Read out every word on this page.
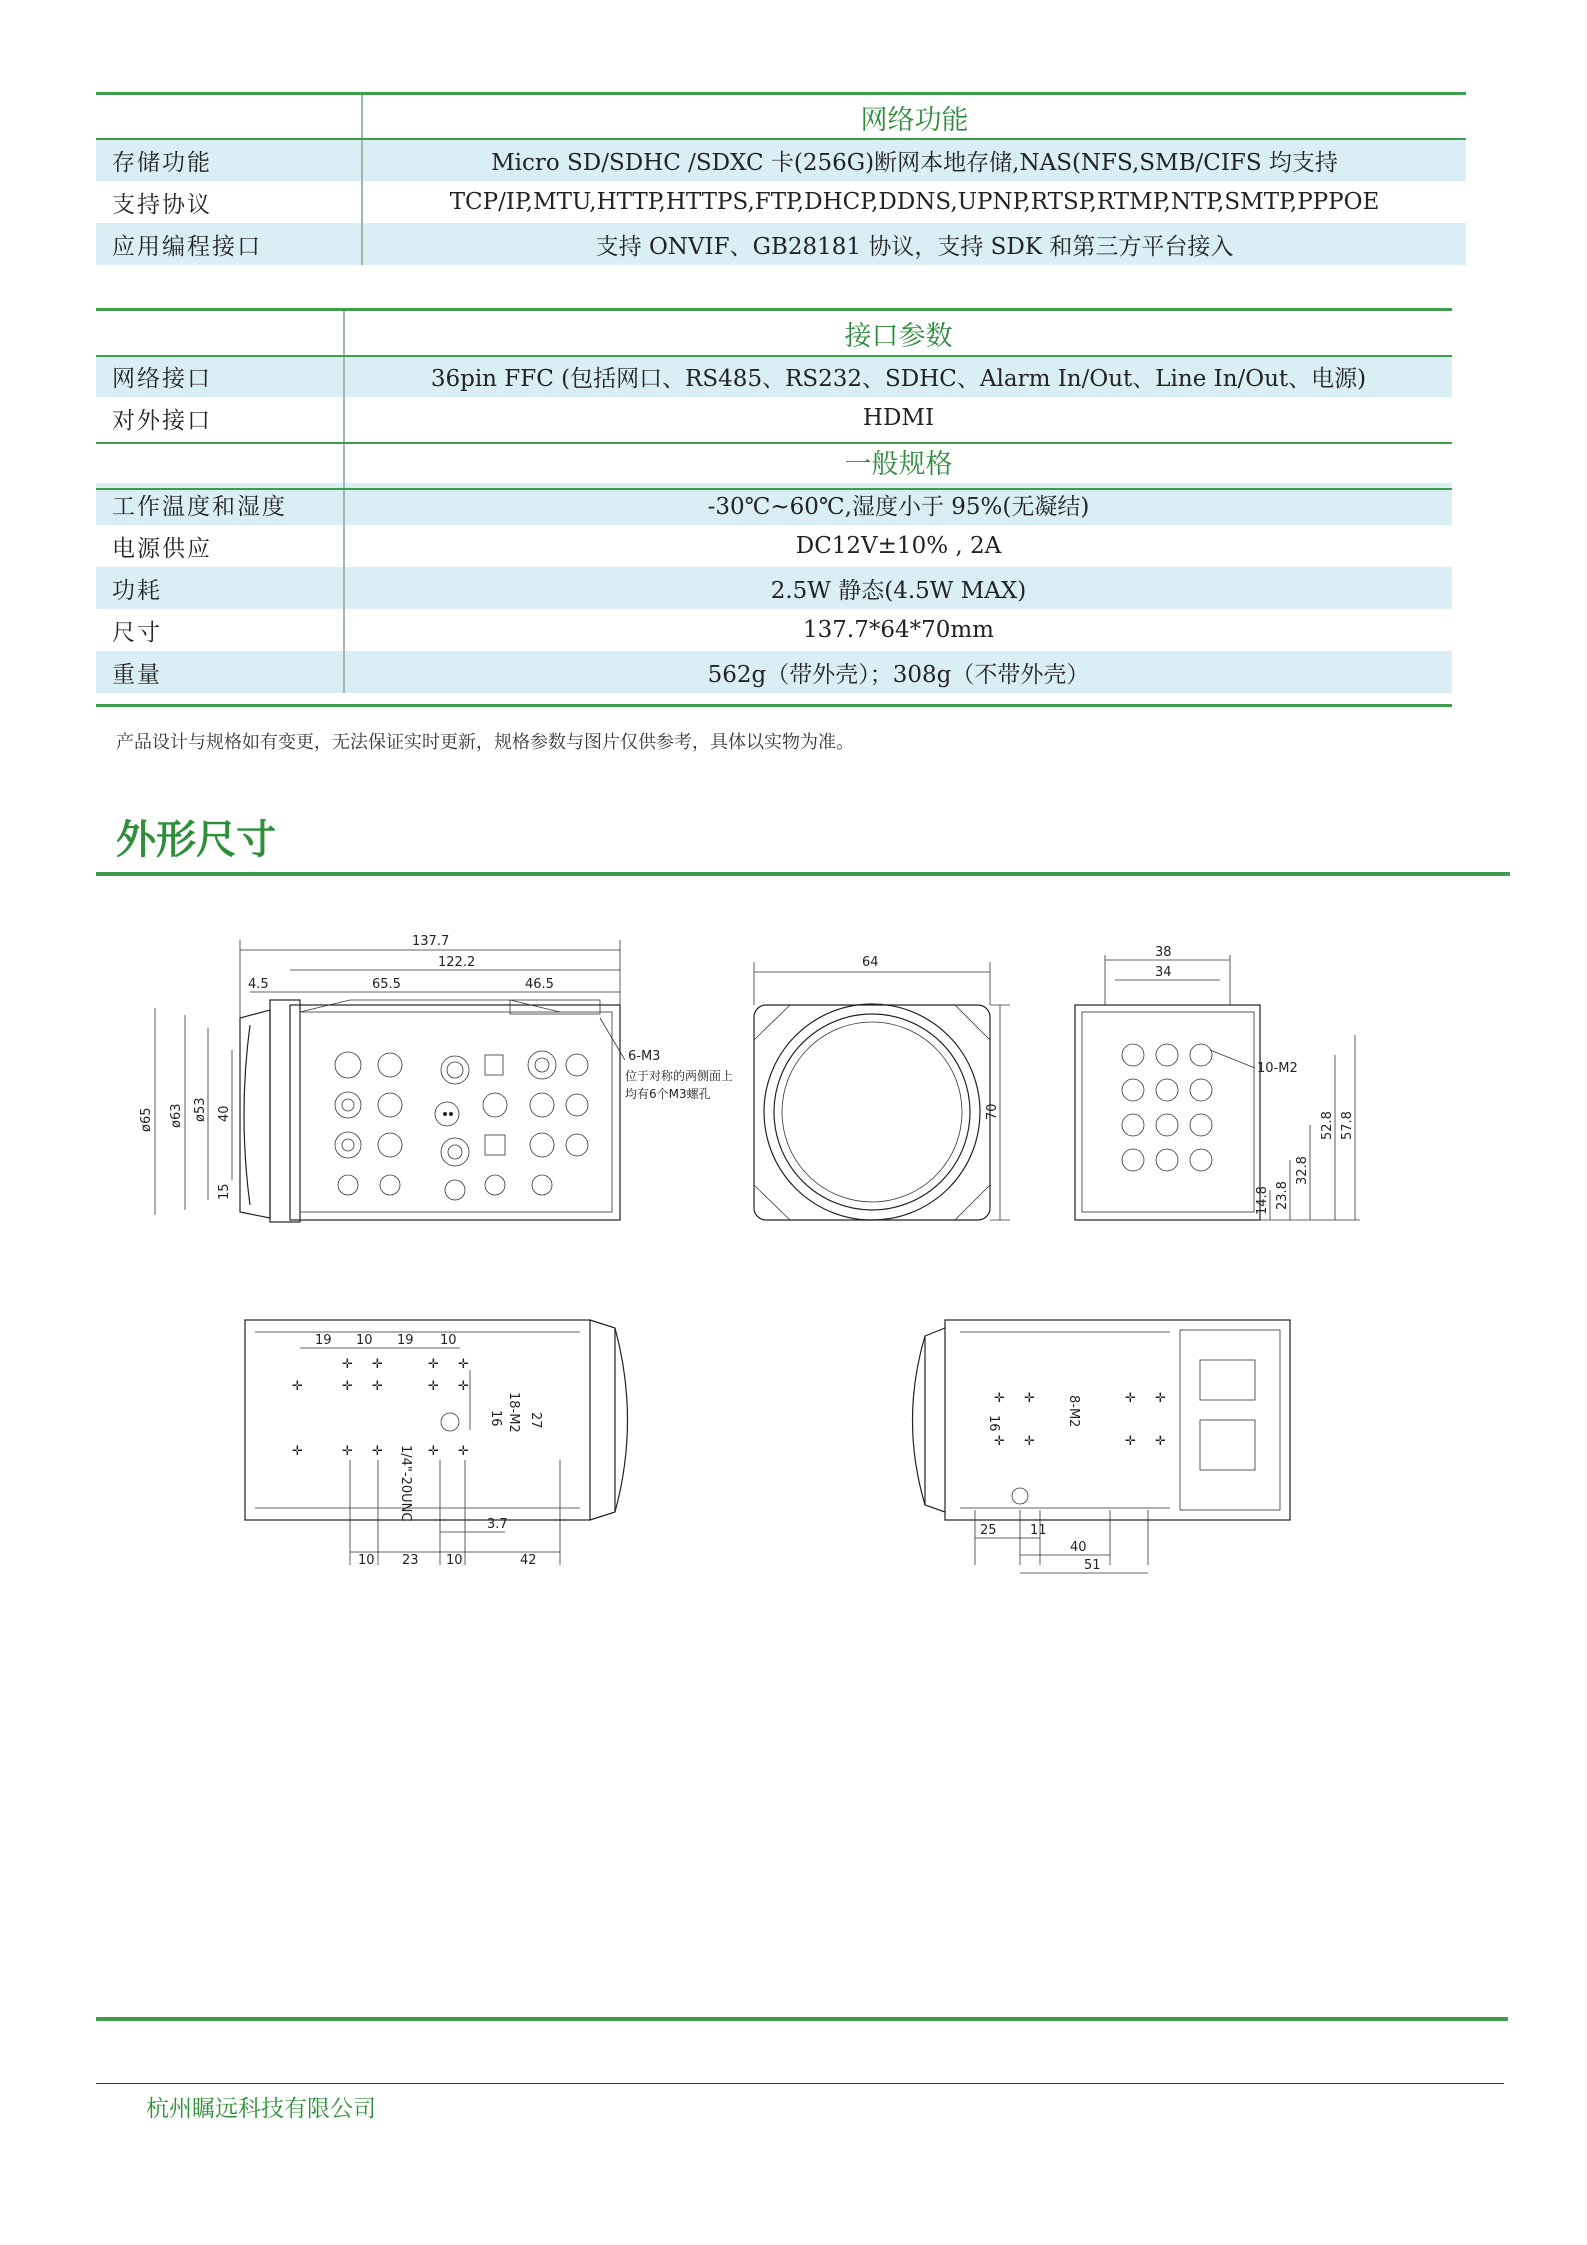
	网络功能
存储功能	Micro SD/SDHC /SDXC 卡(256G)断网本地存储,NAS(NFS,SMB/CIFS 均支持
支持协议	TCP/IP,MTU,HTTP,HTTPS,FTP,DHCP,DDNS,UPNP,RTSP,RTMP,NTP,SMTP,PPPOE
应用编程接口	支持 ONVIF、GB28181 协议，支持 SDK 和第三方平台接入
	接口参数
网络接口	36pin FFC (包括网口、RS485、RS232、SDHC、Alarm In/Out、Line In/Out、电源)
对外接口	HDMI
	一般规格
工作温度和湿度	-30℃~60℃,湿度小于 95%(无凝结)
电源供应	DC12V±10% , 2A
功耗	2.5W 静态(4.5W MAX)
尺寸	137.7*64*70mm
重量	562g（带外壳）；308g（不带外壳）
产品设计与规格如有变更，无法保证实时更新，规格参数与图片仅供参考，具体以实物为准。
外形尺寸
137.7
122.2
4.5	65.5	46.5
ø65 ø63 ø53 40
15
6-M3
位于对称的两侧面上
均有6个M3螺孔
64
70
38
34
10-M2
57.8
52.8
32.8
23.8
14.8
✛	✛ ✛	✛ ✛
✛ ✛	✛ ✛
✛	✛ ✛	✛ ✛
19 10 19 10
18-M2
16 27
1/4"-20UNC
3.7
10 23 10	42
✛ ✛	✛ ✛
✛ ✛	✛ ✛
8-M2
16
25	11
40
51
杭州瞩远科技有限公司
